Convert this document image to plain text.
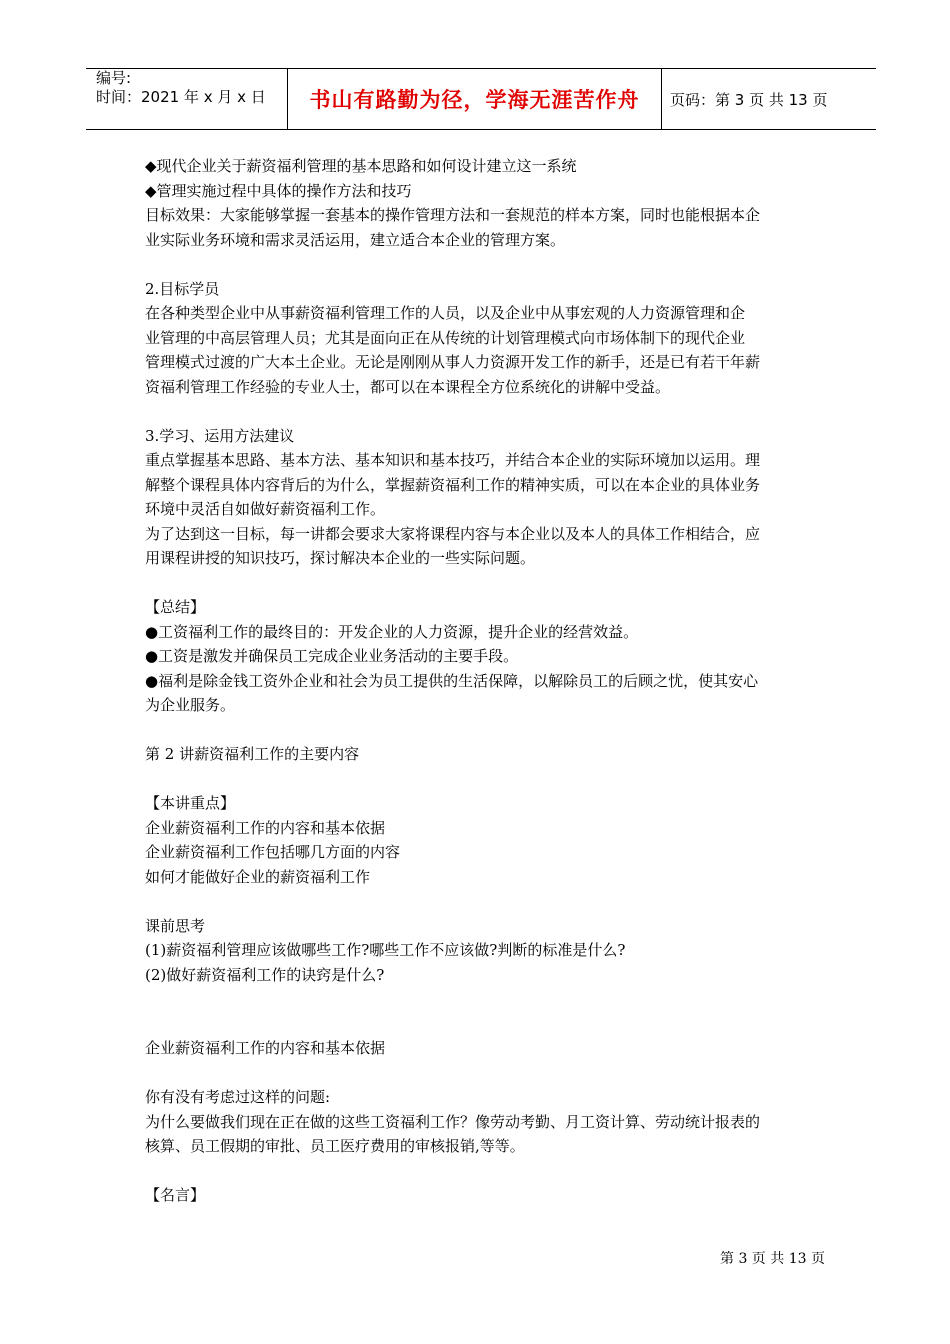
编号:
时间：2021 年 x 月 x 日	书山有路勤为径，学海无涯苦作舟	页码：第 3 页 共 13 页

◆现代企业关于薪资福利管理的基本思路和如何设计建立这一系统

◆管理实施过程中具体的操作方法和技巧

目标效果：大家能够掌握一套基本的操作管理方法和一套规范的样本方案，同时也能根据本企

业实际业务环境和需求灵活运用，建立适合本企业的管理方案。

2.目标学员

在各种类型企业中从事薪资福利管理工作的人员，以及企业中从事宏观的人力资源管理和企

业管理的中高层管理人员；尤其是面向正在从传统的计划管理模式向市场体制下的现代企业

管理模式过渡的广大本土企业。无论是刚刚从事人力资源开发工作的新手，还是已有若干年薪

资福利管理工作经验的专业人士，都可以在本课程全方位系统化的讲解中受益。

3.学习、运用方法建议

重点掌握基本思路、基本方法、基本知识和基本技巧，并结合本企业的实际环境加以运用。理

解整个课程具体内容背后的为什么，掌握薪资福利工作的精神实质，可以在本企业的具体业务

环境中灵活自如做好薪资福利工作。

为了达到这一目标，每一讲都会要求大家将课程内容与本企业以及本人的具体工作相结合，应

用课程讲授的知识技巧，探讨解决本企业的一些实际问题。

【总结】

●工资福利工作的最终目的：开发企业的人力资源，提升企业的经营效益。

●工资是激发并确保员工完成企业业务活动的主要手段。

●福利是除金钱工资外企业和社会为员工提供的生活保障，以解除员工的后顾之忧，使其安心

为企业服务。

第 2 讲薪资福利工作的主要内容

【本讲重点】

企业薪资福利工作的内容和基本依据

企业薪资福利工作包括哪几方面的内容

如何才能做好企业的薪资福利工作

课前思考

(1)薪资福利管理应该做哪些工作?哪些工作不应该做?判断的标准是什么?

(2)做好薪资福利工作的诀窍是什么?

企业薪资福利工作的内容和基本依据

你有没有考虑过这样的问题:

为什么要做我们现在正在做的这些工资福利工作？像劳动考勤、月工资计算、劳动统计报表的

核算、员工假期的审批、员工医疗费用的审核报销,等等。

【名言】

第 3 页 共 13 页
